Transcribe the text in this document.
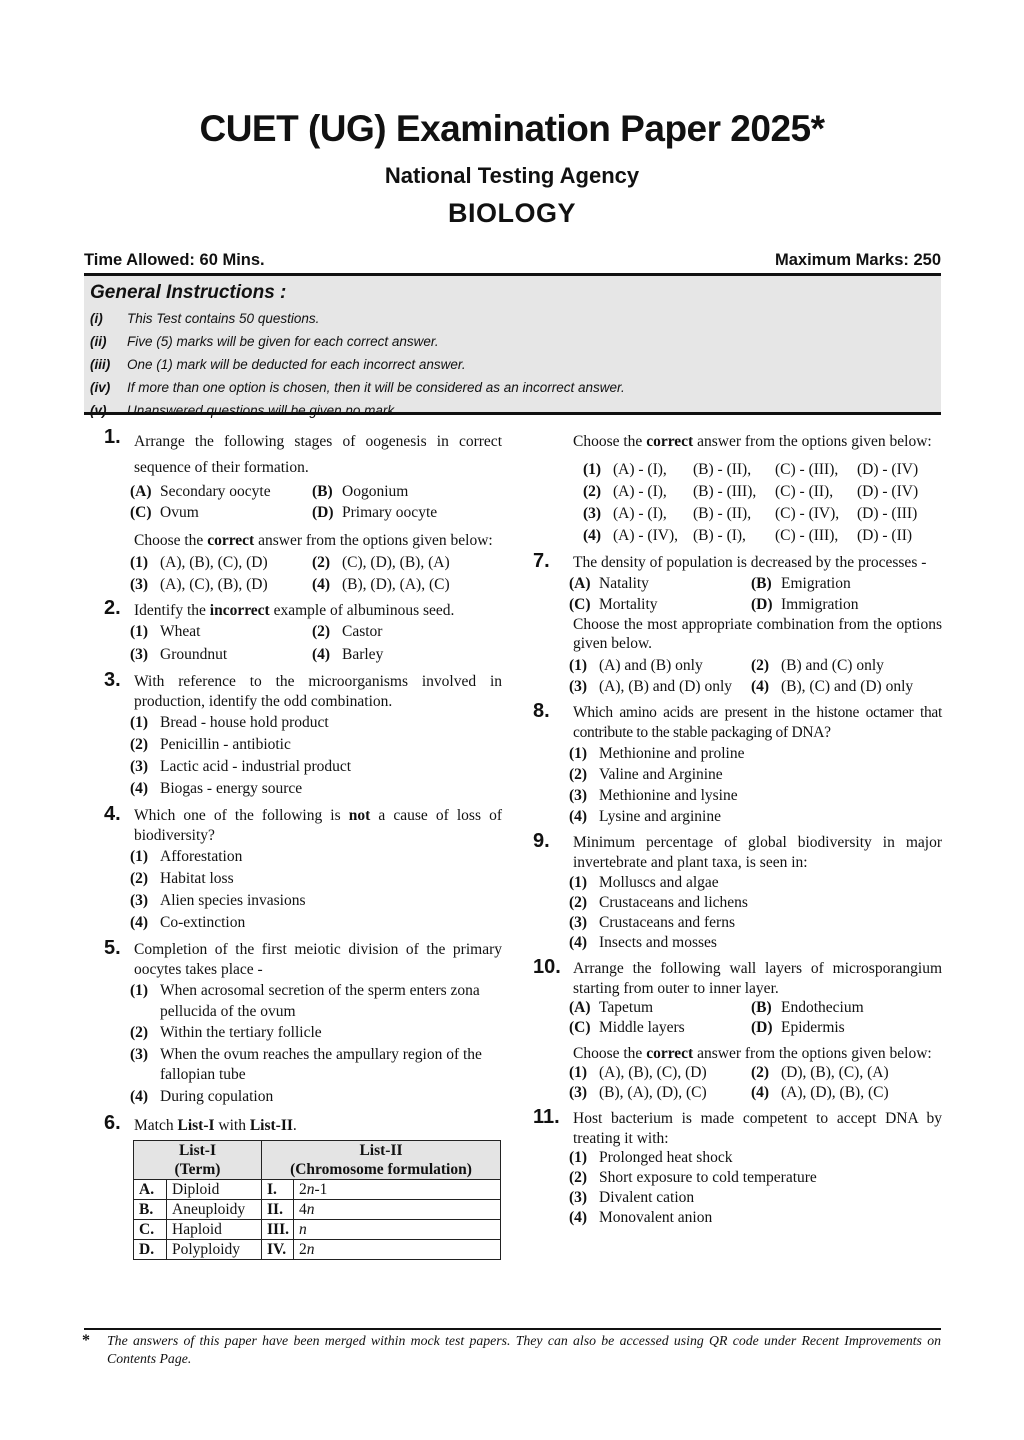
CUET (UG) Examination Paper 2025*
National Testing Agency
BIOLOGY
Time Allowed: 60 Mins.	Maximum Marks: 250
General Instructions :
(i)	This Test contains 50 questions.
(ii)	Five (5) marks will be given for each correct answer.
(iii)	One (1) mark will be deducted for each incorrect answer.
(iv)	If more than one option is chosen, then it will be considered as an incorrect answer.
(v)	Unanswered questions will be given no mark.
1. Arrange the following stages of oogenesis in correct sequence of their formation.
(A) Secondary oocyte	(B) Oogonium
(C) Ovum	(D) Primary oocyte
Choose the correct answer from the options given below:
(1) (A), (B), (C), (D)	(2) (C), (D), (B), (A)
(3) (A), (C), (B), (D)	(4) (B), (D), (A), (C)
2. Identify the incorrect example of albuminous seed.
(1) Wheat	(2) Castor
(3) Groundnut	(4) Barley
3. With reference to the microorganisms involved in production, identify the odd combination.
(1) Bread - house hold product
(2) Penicillin - antibiotic
(3) Lactic acid - industrial product
(4) Biogas - energy source
4. Which one of the following is not a cause of loss of biodiversity?
(1) Afforestation
(2) Habitat loss
(3) Alien species invasions
(4) Co-extinction
5. Completion of the first meiotic division of the primary oocytes takes place -
(1) When acrosomal secretion of the sperm enters zona pellucida of the ovum
(2) Within the tertiary follicle
(3) When the ovum reaches the ampullary region of the fallopian tube
(4) During copulation
6. Match List-I with List-II.
List-I
(Term)		List-II
(Chromosome formulation)	
A.	Diploid	I.	2n-1
B.	Aneuploidy	II.	4n
C.	Haploid	III.	n
D.	Polyploidy	IV.	2n
Choose the correct answer from the options given below:
(1) (A) - (I),	(B) - (II),	(C) - (III),	(D) - (IV)
(2) (A) - (I),	(B) - (III),	(C) - (II),	(D) - (IV)
(3) (A) - (I),	(B) - (II),	(C) - (IV),	(D) - (III)
(4) (A) - (IV), (B) - (I),	(C) - (III),	(D) - (II)
7. The density of population is decreased by the processes -
(A) Natality	(B) Emigration
(C) Mortality	(D) Immigration
Choose the most appropriate combination from the options given below.
(1) (A) and (B) only	(2) (B) and (C) only
(3) (A), (B) and (D) only (4) (B), (C) and (D) only
8. Which amino acids are present in the histone octamer that contribute to the stable packaging of DNA?
(1) Methionine and proline
(2) Valine and Arginine
(3) Methionine and lysine
(4) Lysine and arginine
9. Minimum percentage of global biodiversity in major invertebrate and plant taxa, is seen in:
(1) Molluscs and algae
(2) Crustaceans and lichens
(3) Crustaceans and ferns
(4) Insects and mosses
10. Arrange the following wall layers of microsporangium starting from outer to inner layer.
(A) Tapetum	(B) Endothecium
(C) Middle layers	(D) Epidermis
Choose the correct answer from the options given below:
(1) (A), (B), (C), (D)	(2) (D), (B), (C), (A)
(3) (B), (A), (D), (C)	(4) (A), (D), (B), (C)
11. Host bacterium is made competent to accept DNA by treating it with:
(1) Prolonged heat shock
(2) Short exposure to cold temperature
(3) Divalent cation
(4) Monovalent anion
*	The answers of this paper have been merged within mock test papers. They can also be accessed using QR code under Recent Improvements on Contents Page.
